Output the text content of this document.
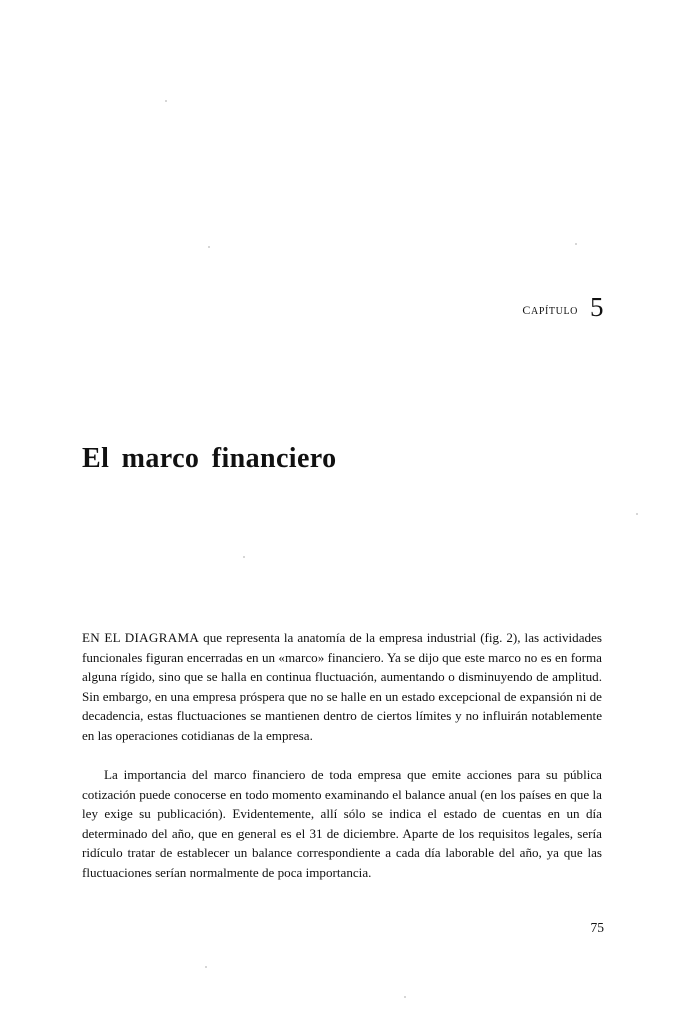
capítulo 5
El marco financiero

EN EL DIAGRAMA que representa la anatomía de la empresa industrial (fig. 2), las actividades funcionales figuran encerradas en un «marco» financiero. Ya se dijo que este marco no es en forma alguna rígido, sino que se halla en continua fluctuación, aumentando o disminuyendo de amplitud. Sin embargo, en una empresa próspera que no se halle en un estado excepcional de expansión ni de decadencia, estas fluctuaciones se mantienen dentro de ciertos límites y no influirán notablemente en las operaciones cotidianas de la empresa.

La importancia del marco financiero de toda empresa que emite acciones para su pública cotización puede conocerse en todo momento examinando el balance anual (en los países en que la ley exige su publicación). Evidentemente, allí sólo se indica el estado de cuentas en un día determinado del año, que en general es el 31 de diciembre. Aparte de los requisitos legales, sería ridículo tratar de establecer un balance correspondiente a cada día laborable del año, ya que las fluctuaciones serían normalmente de poca importancia.

75
